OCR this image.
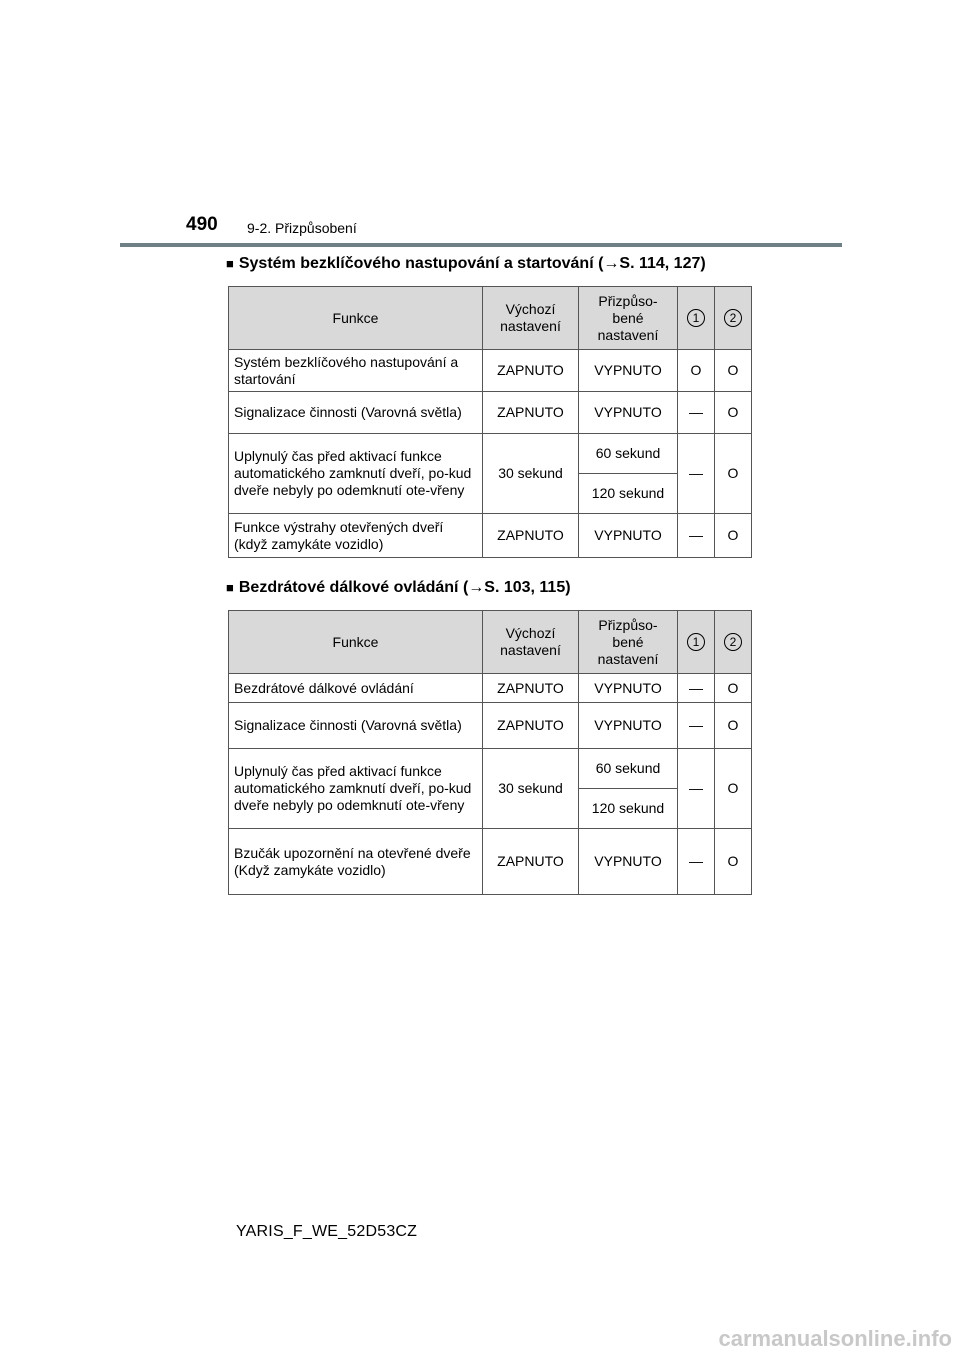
490 9-2. Přizpůsobení
■ Systém bezklíčového nastupování a startování (→S. 114, 127)
Funkce	Výchozí nastavení	Přizpůso-bené nastavení	1	2
Systém bezklíčového nastupování a startování	ZAPNUTO	VYPNUTO	O	O
Signalizace činnosti (Varovná světla)	ZAPNUTO	VYPNUTO	—	O
Uplynulý čas před aktivací funkce automatického zamknutí dveří, po-kud dveře nebyly po odemknutí ote-vřeny	30 sekund	60 sekund	—	O
		120 sekund		
Funkce výstrahy otevřených dveří (když zamykáte vozidlo)	ZAPNUTO	VYPNUTO	—	O
■ Bezdrátové dálkové ovládání (→S. 103, 115)
Funkce	Výchozí nastavení	Přizpůso-bené nastavení	1	2
Bezdrátové dálkové ovládání	ZAPNUTO	VYPNUTO	—	O
Signalizace činnosti (Varovná světla)	ZAPNUTO	VYPNUTO	—	O
Uplynulý čas před aktivací funkce automatického zamknutí dveří, po-kud dveře nebyly po odemknutí ote-vřeny	30 sekund	60 sekund	—	O
		120 sekund		
Bzučák upozornění na otevřené dveře (Když zamykáte vozidlo)	ZAPNUTO	VYPNUTO	—	O
YARIS_F_WE_52D53CZ
carmanualsonline.info
